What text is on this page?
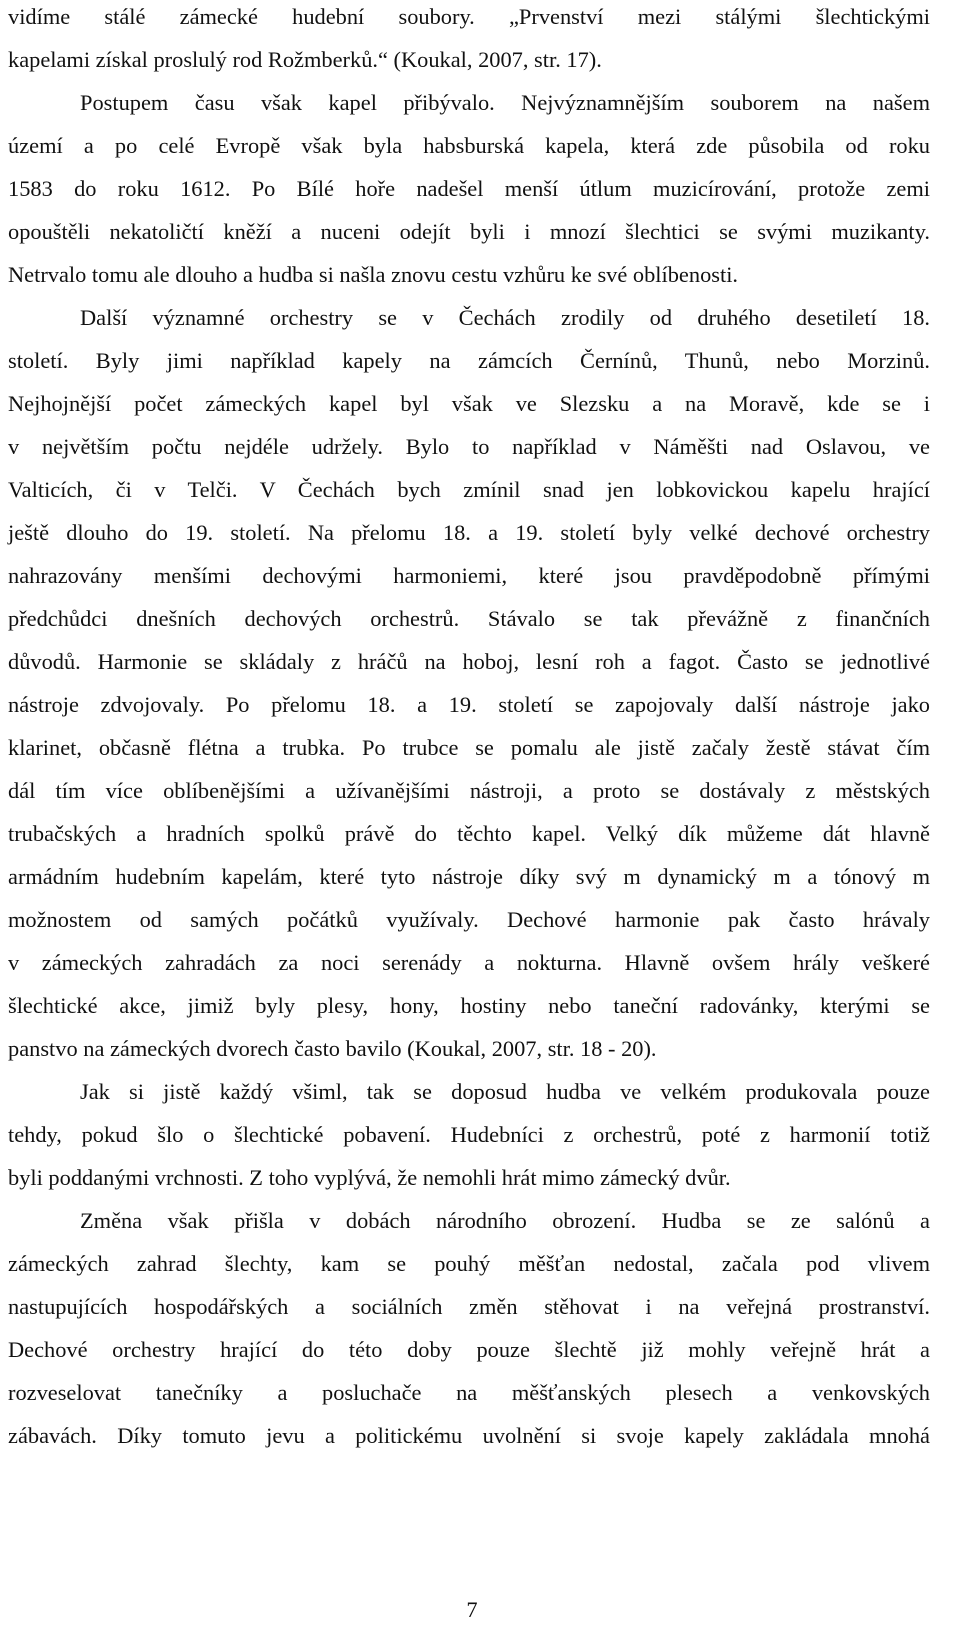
vidíme stálé zámecké hudební soubory. „Prvenství mezi stálými šlechtickými
kapelami získal proslulý rod Rožmberků.“ (Koukal, 2007, str. 17).
Postupem času však kapel přibývalo. Nejvýznamnějším souborem na našem
území a po celé Evropě však byla habsburská kapela, která zde působila od roku
1583 do roku 1612. Po Bílé hoře nadešel menší útlum muzicírování, protože zemi
opouštěli nekatoličtí kněží a nuceni odejít byli i mnozí šlechtici se svými muzikanty.
Netrvalo tomu ale dlouho a hudba si našla znovu cestu vzhůru ke své oblíbenosti.
Další významné orchestry se v Čechách zrodily od druhého desetiletí 18.
století. Byly jimi například kapely na zámcích Černínů, Thunů, nebo Morzinů.
Nejhojnější počet zámeckých kapel byl však ve Slezsku a na Moravě, kde se i
v největším počtu nejdéle udržely. Bylo to například v Náměšti nad Oslavou, ve
Valticích, či v Telči. V Čechách bych zmínil snad jen lobkovickou kapelu hrající
ještě dlouho do 19. století. Na přelomu 18. a 19. století byly velké dechové orchestry
nahrazovány menšími dechovými harmoniemi, které jsou pravděpodobně přímými
předchůdci dnešních dechových orchestrů. Stávalo se tak převážně z finančních
důvodů. Harmonie se skládaly z hráčů na hoboj, lesní roh a fagot. Často se jednotlivé
nástroje zdvojovaly. Po přelomu 18. a 19. století se zapojovaly další nástroje jako
klarinet, občasně flétna a trubka. Po trubce se pomalu ale jistě začaly žestě stávat čím
dál tím více oblíbenějšími a užívanějšími nástroji, a proto se dostávaly z městských
trubačských a hradních spolků právě do těchto kapel. Velký dík můžeme dát hlavně
armádním hudebním kapelám, které tyto nástroje díky svý m dynamický m a tónový m
možnostem od samých počátků využívaly. Dechové harmonie pak často hrávaly
v zámeckých zahradách za noci serenády a nokturna. Hlavně ovšem hrály veškeré
šlechtické akce, jimiž byly plesy, hony, hostiny nebo taneční radovánky, kterými se
panstvo na zámeckých dvorech často bavilo (Koukal, 2007, str. 18 - 20).
Jak si jistě každý všiml, tak se doposud hudba ve velkém produkovala pouze
tehdy, pokud šlo o šlechtické pobavení. Hudebníci z orchestrů, poté z harmonií totiž
byli poddanými vrchnosti. Z toho vyplývá, že nemohli hrát mimo zámecký dvůr.
Změna však přišla v dobách národního obrození. Hudba se ze salónů a
zámeckých zahrad šlechty, kam se pouhý měšťan nedostal, začala pod vlivem
nastupujících hospodářských a sociálních změn stěhovat i na veřejná prostranství.
Dechové orchestry hrající do této doby pouze šlechtě již mohly veřejně hrát a
rozveselovat tanečníky a posluchače na měšťanských plesech a venkovských
zábavách. Díky tomuto jevu a politickému uvolnění si svoje kapely zakládala mnohá
7
